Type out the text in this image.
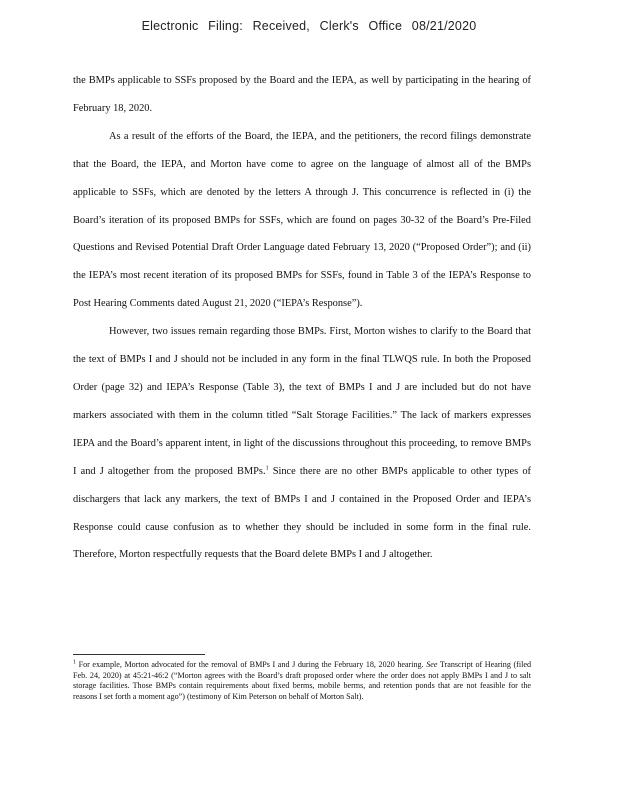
Electronic Filing: Received, Clerk's Office 08/21/2020

the BMPs applicable to SSFs proposed by the Board and the IEPA, as well by participating in the hearing of February 18, 2020.

As a result of the efforts of the Board, the IEPA, and the petitioners, the record filings demonstrate that the Board, the IEPA, and Morton have come to agree on the language of almost all of the BMPs applicable to SSFs, which are denoted by the letters A through J. This concurrence is reflected in (i) the Board’s iteration of its proposed BMPs for SSFs, which are found on pages 30-32 of the Board’s Pre-Filed Questions and Revised Potential Draft Order Language dated February 13, 2020 (“Proposed Order”); and (ii) the IEPA’s most recent iteration of its proposed BMPs for SSFs, found in Table 3 of the IEPA’s Response to Post Hearing Comments dated August 21, 2020 (“IEPA’s Response”).

However, two issues remain regarding those BMPs. First, Morton wishes to clarify to the Board that the text of BMPs I and J should not be included in any form in the final TLWQS rule. In both the Proposed Order (page 32) and IEPA’s Response (Table 3), the text of BMPs I and J are included but do not have markers associated with them in the column titled “Salt Storage Facilities.” The lack of markers expresses IEPA and the Board’s apparent intent, in light of the discussions throughout this proceeding, to remove BMPs I and J altogether from the proposed BMPs.$^1$ Since there are no other BMPs applicable to other types of dischargers that lack any markers, the text of BMPs I and J contained in the Proposed Order and IEPA’s Response could cause confusion as to whether they should be included in some form in the final rule. Therefore, Morton respectfully requests that the Board delete BMPs I and J altogether.

$^1$ For example, Morton advocated for the removal of BMPs I and J during the February 18, 2020 hearing. See Transcript of Hearing (filed Feb. 24, 2020) at 45:21-46:2 (“Morton agrees with the Board’s draft proposed order where the order does not apply BMPs I and J to salt storage facilities. Those BMPs contain requirements about fixed berms, mobile berms, and retention ponds that are not feasible for the reasons I set forth a moment ago”) (testimony of Kim Peterson on behalf of Morton Salt).
